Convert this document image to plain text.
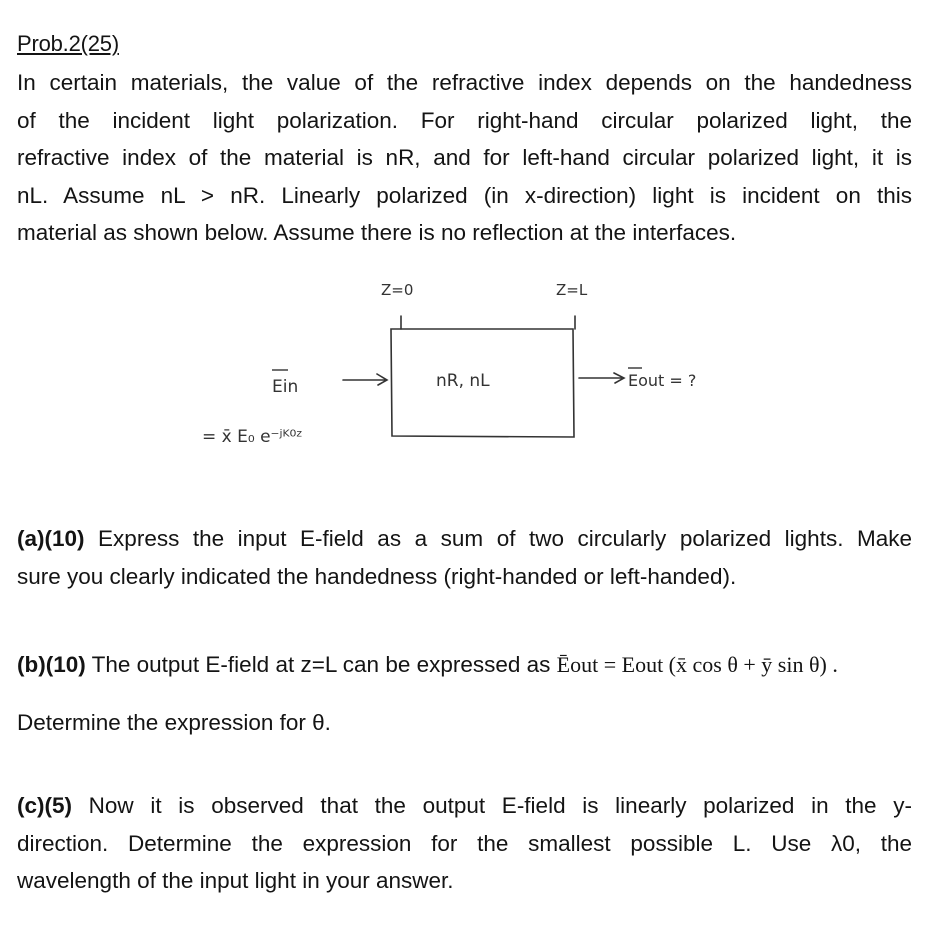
Prob.2(25)
In certain materials, the value of the refractive index depends on the handedness
of the incident light polarization. For right-hand circular polarized light, the
refractive index of the material is nR, and for left-hand circular polarized light, it is
nL. Assume nL > nR. Linearly polarized (in x-direction) light is incident on this
material as shown below. Assume there is no reflection at the interfaces.
Z=0	Z=L
nR, nL
Ein
= x̄ E₀ e⁻ʲᴷ⁰ᶻ
Eout = ?
(a)(10) Express the input E-field as a sum of two circularly polarized lights. Make
sure you clearly indicated the handedness (right-handed or left-handed).
(b)(10) The output E-field at z=L can be expressed as Ēout = Eout (x̄ cos θ + ȳ sin θ) .
Determine the expression for θ.
(c)(5) Now it is observed that the output E-field is linearly polarized in the y-
direction. Determine the expression for the smallest possible L. Use λ0, the
wavelength of the input light in your answer.
